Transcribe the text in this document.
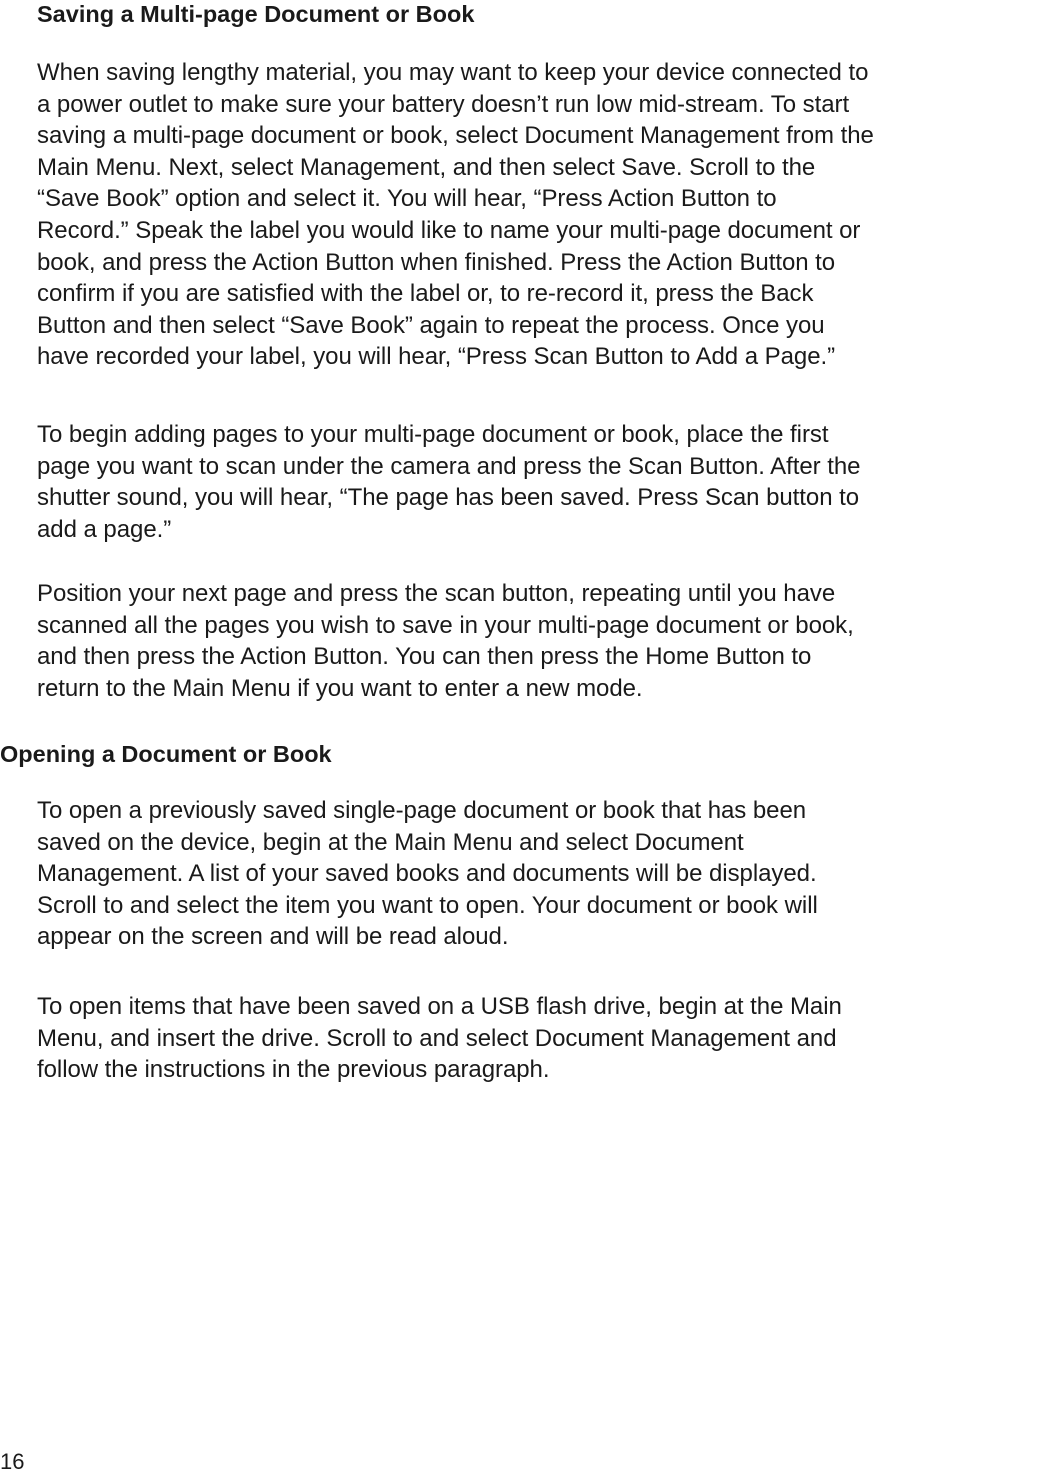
Saving a Multi-page Document or Book

When saving lengthy material, you may want to keep your device connected to
a power outlet to make sure your battery doesn’t run low mid-stream. To start
saving a multi-page document or book, select Document Management from the
Main Menu. Next, select Management, and then select Save. Scroll to the
“Save Book” option and select it. You will hear, “Press Action Button to
Record.” Speak the label you would like to name your multi-page document or
book, and press the Action Button when finished. Press the Action Button to
confirm if you are satisfied with the label or, to re-record it, press the Back
Button and then select “Save Book” again to repeat the process. Once you
have recorded your label, you will hear, “Press Scan Button to Add a Page.”

To begin adding pages to your multi-page document or book, place the first
page you want to scan under the camera and press the Scan Button. After the
shutter sound, you will hear, “The page has been saved. Press Scan button to
add a page.”

Position your next page and press the scan button, repeating until you have
scanned all the pages you wish to save in your multi-page document or book,
and then press the Action Button. You can then press the Home Button to
return to the Main Menu if you want to enter a new mode.

Opening a Document or Book

To open a previously saved single-page document or book that has been
saved on the device, begin at the Main Menu and select Document
Management. A list of your saved books and documents will be displayed.
Scroll to and select the item you want to open. Your document or book will
appear on the screen and will be read aloud.

To open items that have been saved on a USB flash drive, begin at the Main
Menu, and insert the drive. Scroll to and select Document Management and
follow the instructions in the previous paragraph.

16
